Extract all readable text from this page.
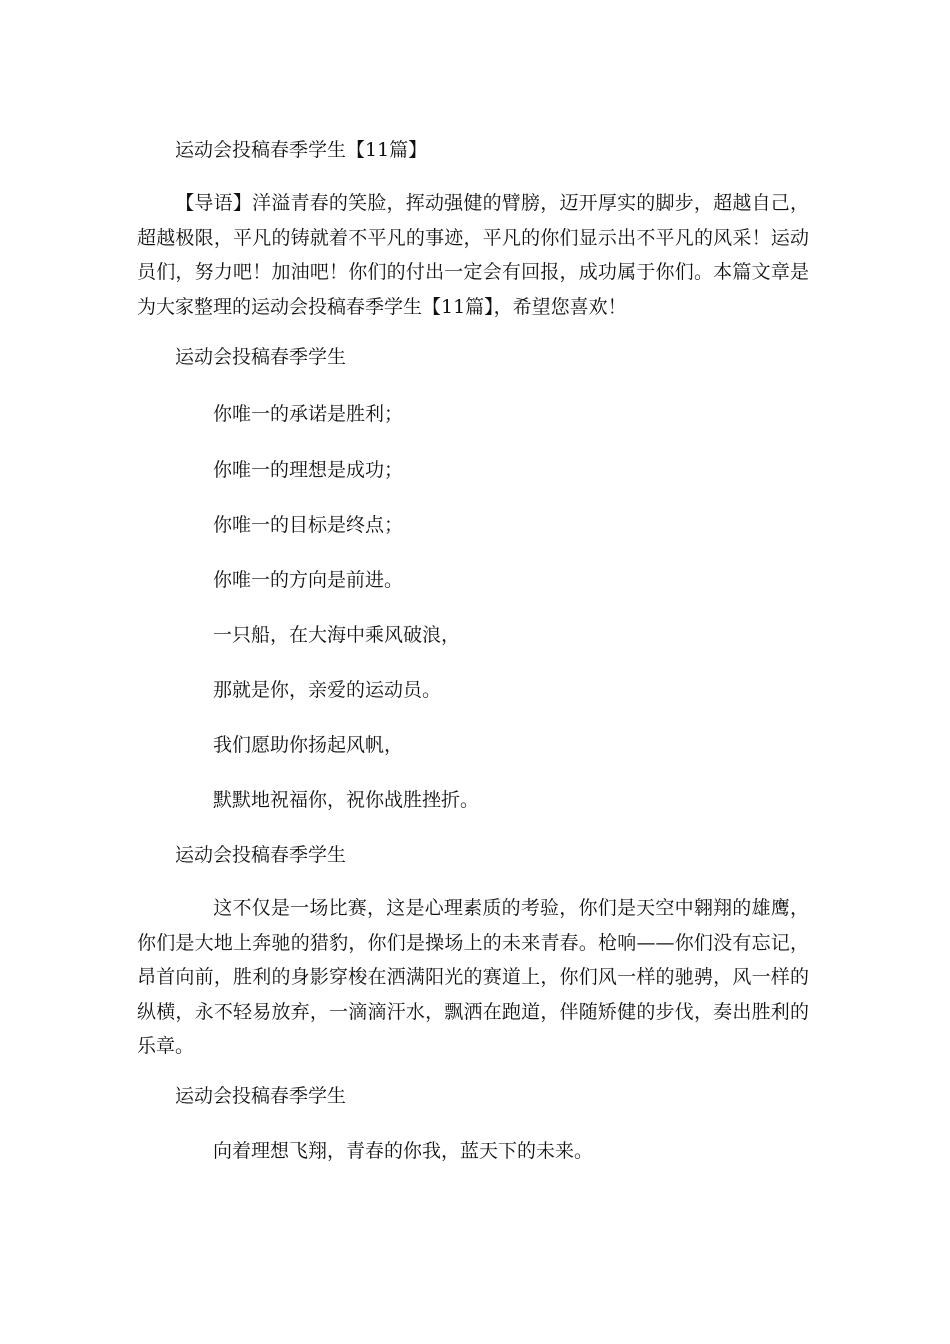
运动会投稿春季学生【11篇】
【导语】洋溢青春的笑脸，挥动强健的臂膀，迈开厚实的脚步，超越自己，超越极限，平凡的铸就着不平凡的事迹，平凡的你们显示出不平凡的风采！运动员们，努力吧！加油吧！你们的付出一定会有回报，成功属于你们。本篇文章是为大家整理的运动会投稿春季学生【11篇】，希望您喜欢！
运动会投稿春季学生
你唯一的承诺是胜利；
你唯一的理想是成功；
你唯一的目标是终点；
你唯一的方向是前进。
一只船，在大海中乘风破浪，
那就是你，亲爱的运动员。
我们愿助你扬起风帆，
默默地祝福你，祝你战胜挫折。
运动会投稿春季学生
这不仅是一场比赛，这是心理素质的考验，你们是天空中翱翔的雄鹰，你们是大地上奔驰的猎豹，你们是操场上的未来青春。枪响——你们没有忘记，昂首向前，胜利的身影穿梭在洒满阳光的赛道上，你们风一样的驰骋，风一样的纵横，永不轻易放弃，一滴滴汗水，飘洒在跑道，伴随矫健的步伐，奏出胜利的乐章。
运动会投稿春季学生
向着理想飞翔，青春的你我，蓝天下的未来。
